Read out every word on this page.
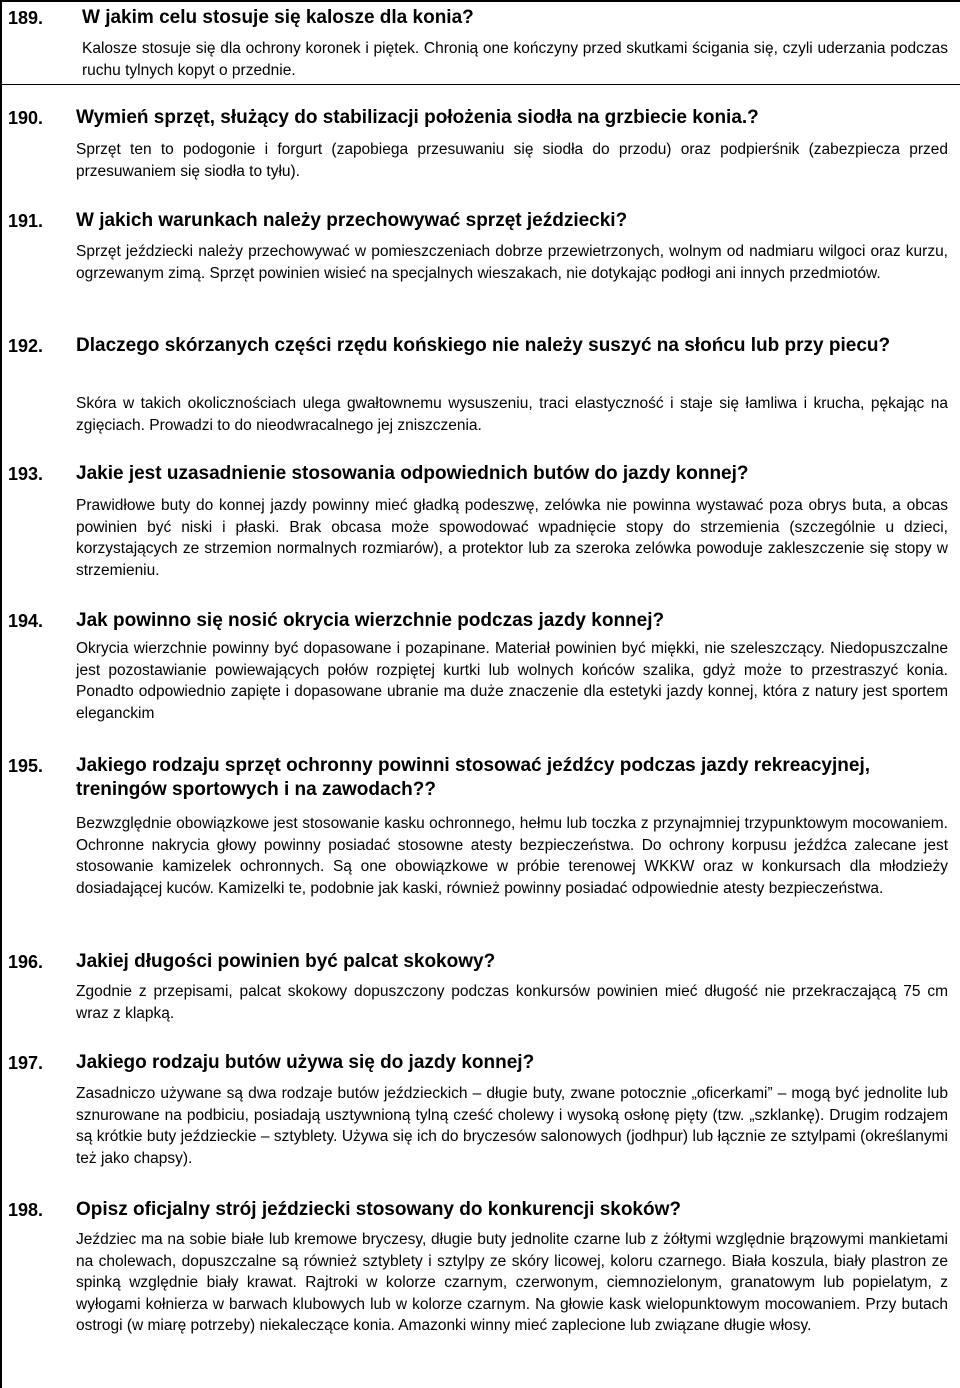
189. W jakim celu stosuje się kalosze dla konia?
Kalosze stosuje się dla ochrony koronek i piętek. Chronią one kończyny przed skutkami ścigania się, czyli uderzania podczas ruchu tylnych kopyt o przednie.
190. Wymień sprzęt, służący do stabilizacji położenia siodła na grzbiecie konia.?
Sprzęt ten to podogonie i forgurt (zapobiega przesuwaniu się siodła do przodu) oraz podpierśnik (zabezpiecza przed przesuwaniem się siodła to tyłu).
191. W jakich warunkach należy przechowywać sprzęt jeździecki?
Sprzęt jeździecki należy przechowywać w pomieszczeniach dobrze przewietrzonych, wolnym od nadmiaru wilgoci oraz kurzu, ogrzewanym zimą. Sprzęt powinien wisieć na specjalnych wieszakach, nie dotykając podłogi ani innych przedmiotów.
192. Dlaczego skórzanych części rzędu końskiego nie należy suszyć na słońcu lub przy piecu?
Skóra w takich okolicznościach ulega gwałtownemu wysuszeniu, traci elastyczność i staje się łamliwa i krucha, pękając na zgięciach. Prowadzi to do nieodwracalnego jej zniszczenia.
193. Jakie jest uzasadnienie stosowania odpowiednich butów do jazdy konnej?
Prawidłowe buty do konnej jazdy powinny mieć gładką podeszwę, zelówka nie powinna wystawać poza obrys buta, a obcas powinien być niski i płaski. Brak obcasa może spowodować wpadnięcie stopy do strzemienia (szczególnie u dzieci, korzystających ze strzemion normalnych rozmiarów), a protektor lub za szeroka zelówka powoduje zakleszczenie się stopy w strzemieniu.
194. Jak powinno się nosić okrycia wierzchnie podczas jazdy konnej?
Okrycia wierzchnie powinny być dopasowane i pozapinane. Materiał powinien być miękki, nie szeleszczący. Niedopuszczalne jest pozostawianie powiewających połów rozpiętej kurtki lub wolnych końców szalika, gdyż może to przestraszyć konia. Ponadto odpowiednio zapięte i dopasowane ubranie ma duże znaczenie dla estetyki jazdy konnej, która z natury jest sportem eleganckim
195. Jakiego rodzaju sprzęt ochronny powinni stosować jeźdźcy podczas jazdy rekreacyjnej, treningów sportowych i na zawodach??
Bezwzględnie obowiązkowe jest stosowanie kasku ochronnego, hełmu lub toczka z przynajmniej trzypunktowym mocowaniem. Ochronne nakrycia głowy powinny posiadać stosowne atesty bezpieczeństwa. Do ochrony korpusu jeźdźca zalecane jest stosowanie kamizelek ochronnych. Są one obowiązkowe w próbie terenowej WKKW oraz w konkursach dla młodzieży dosiadającej kuców. Kamizelki te, podobnie jak kaski, również powinny posiadać odpowiednie atesty bezpieczeństwa.
196. Jakiej długości powinien być palcat skokowy?
Zgodnie z przepisami, palcat skokowy dopuszczony podczas konkursów powinien mieć długość nie przekraczającą 75 cm wraz z klapką.
197. Jakiego rodzaju butów używa się do jazdy konnej?
Zasadniczo używane są dwa rodzaje butów jeździeckich – długie buty, zwane potocznie „oficerkami” – mogą być jednolite lub sznurowane na podbiciu, posiadają usztywnioną tylną cześć cholewy i wysoką osłonę pięty (tzw. „szklankę). Drugim rodzajem są krótkie buty jeździeckie – sztyblety. Używa się ich do bryczesów salonowych (jodhpur) lub łącznie ze sztylpami (określanymi też jako chapsy).
198. Opisz oficjalny strój jeździecki stosowany do konkurencji skoków?
Jeździec ma na sobie białe lub kremowe bryczesy, długie buty jednolite czarne lub z żółtymi względnie brązowymi mankietami na cholewach, dopuszczalne są również sztyblety i sztylpy ze skóry licowej, koloru czarnego. Biała koszula, biały plastron ze spinką względnie biały krawat. Rajtroki w kolorze czarnym, czerwonym, ciemnozielonym, granatowym lub popielatym, z wyłogami kołnierza w barwach klubowych lub w kolorze czarnym. Na głowie kask wielopunktowym mocowaniem. Przy butach ostrogi (w miarę potrzeby) niekaleczące konia. Amazonki winny mieć zaplecione lub związane długie włosy.
